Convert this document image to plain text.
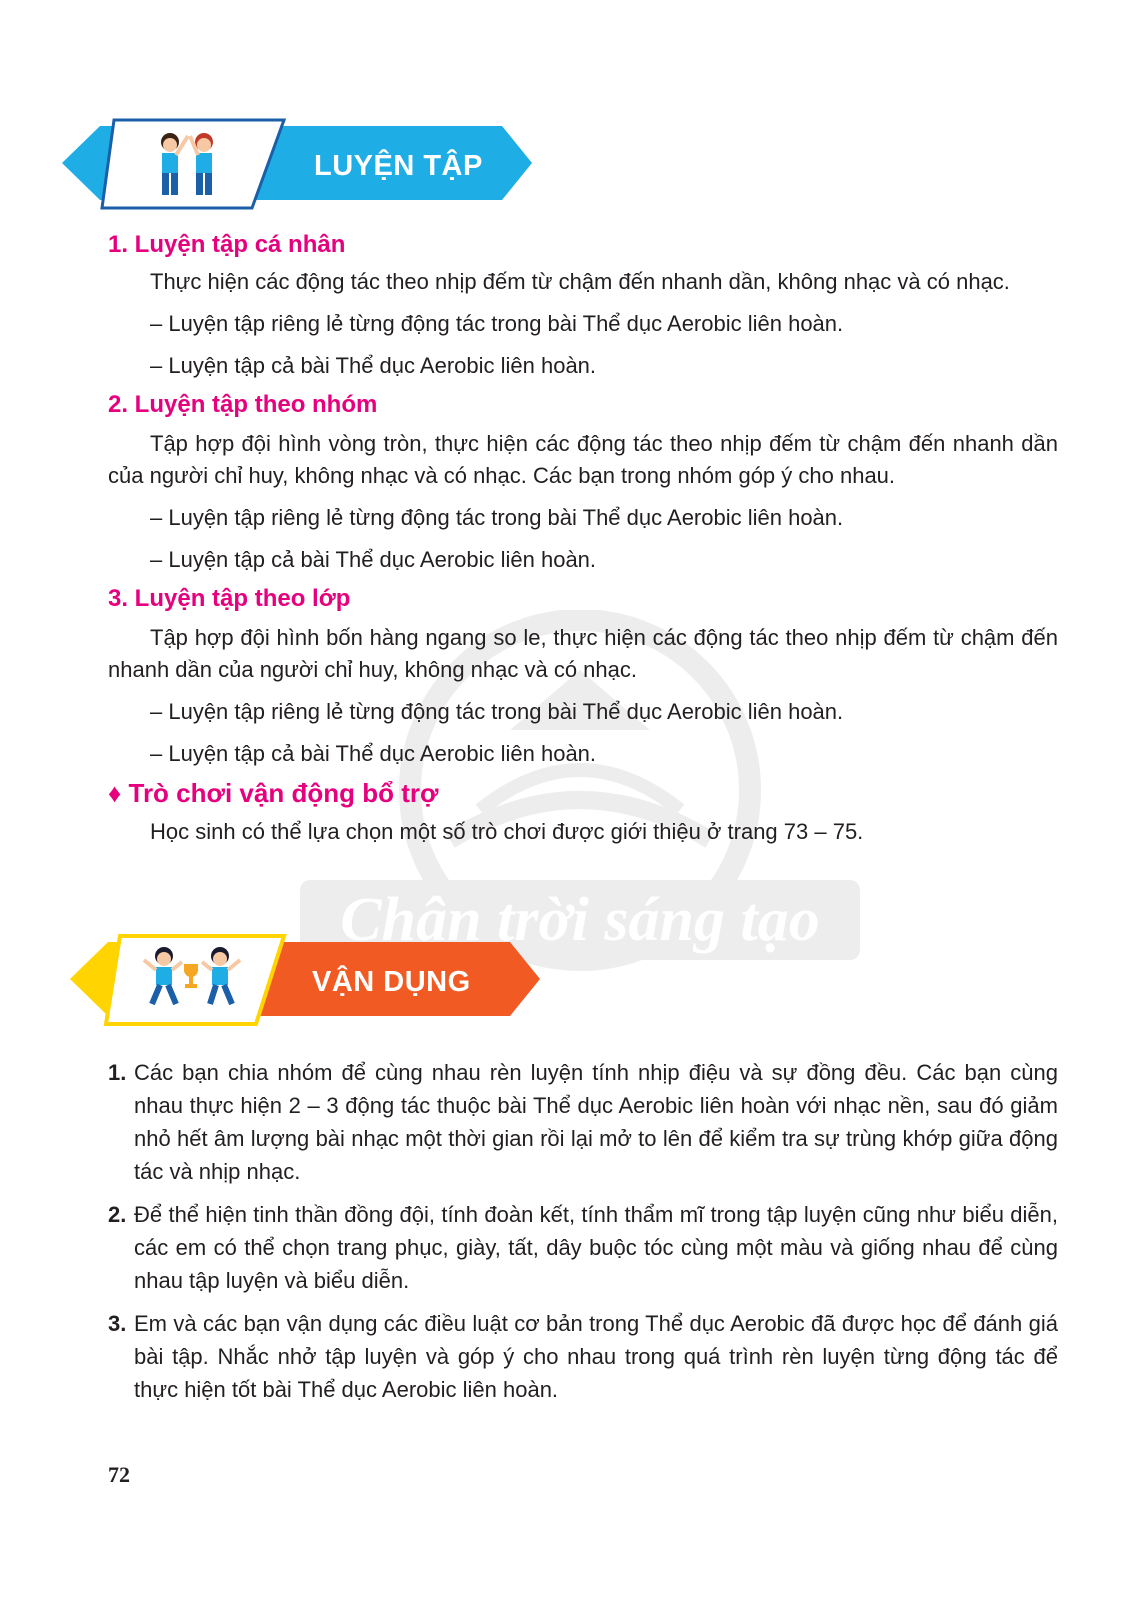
Chân trời sáng tạo
LUYỆN TẬP

1. Luyện tập cá nhân

Thực hiện các động tác theo nhịp đếm từ chậm đến nhanh dần, không nhạc và có nhạc.

– Luyện tập riêng lẻ từng động tác trong bài Thể dục Aerobic liên hoàn.

– Luyện tập cả bài Thể dục Aerobic liên hoàn.

2. Luyện tập theo nhóm

Tập hợp đội hình vòng tròn, thực hiện các động tác theo nhịp đếm từ chậm đến nhanh dần của người chỉ huy, không nhạc và có nhạc. Các bạn trong nhóm góp ý cho nhau.

– Luyện tập riêng lẻ từng động tác trong bài Thể dục Aerobic liên hoàn.

– Luyện tập cả bài Thể dục Aerobic liên hoàn.

3. Luyện tập theo lớp

Tập hợp đội hình bốn hàng ngang so le, thực hiện các động tác theo nhịp đếm từ chậm đến nhanh dần của người chỉ huy, không nhạc và có nhạc.

– Luyện tập riêng lẻ từng động tác trong bài Thể dục Aerobic liên hoàn.

– Luyện tập cả bài Thể dục Aerobic liên hoàn.

♦ Trò chơi vận động bổ trợ

Học sinh có thể lựa chọn một số trò chơi được giới thiệu ở trang 73 – 75.

VẬN DỤNG
1. Các bạn chia nhóm để cùng nhau rèn luyện tính nhịp điệu và sự đồng đều. Các bạn cùng nhau thực hiện 2 – 3 động tác thuộc bài Thể dục Aerobic liên hoàn với nhạc nền, sau đó giảm nhỏ hết âm lượng bài nhạc một thời gian rồi lại mở to lên để kiểm tra sự trùng khớp giữa động tác và nhịp nhạc.
2. Để thể hiện tinh thần đồng đội, tính đoàn kết, tính thẩm mĩ trong tập luyện cũng như biểu diễn, các em có thể chọn trang phục, giày, tất, dây buộc tóc cùng một màu và giống nhau để cùng nhau tập luyện và biểu diễn.
3. Em và các bạn vận dụng các điều luật cơ bản trong Thể dục Aerobic đã được học để đánh giá bài tập. Nhắc nhở tập luyện và góp ý cho nhau trong quá trình rèn luyện từng động tác để thực hiện tốt bài Thể dục Aerobic liên hoàn.
72
